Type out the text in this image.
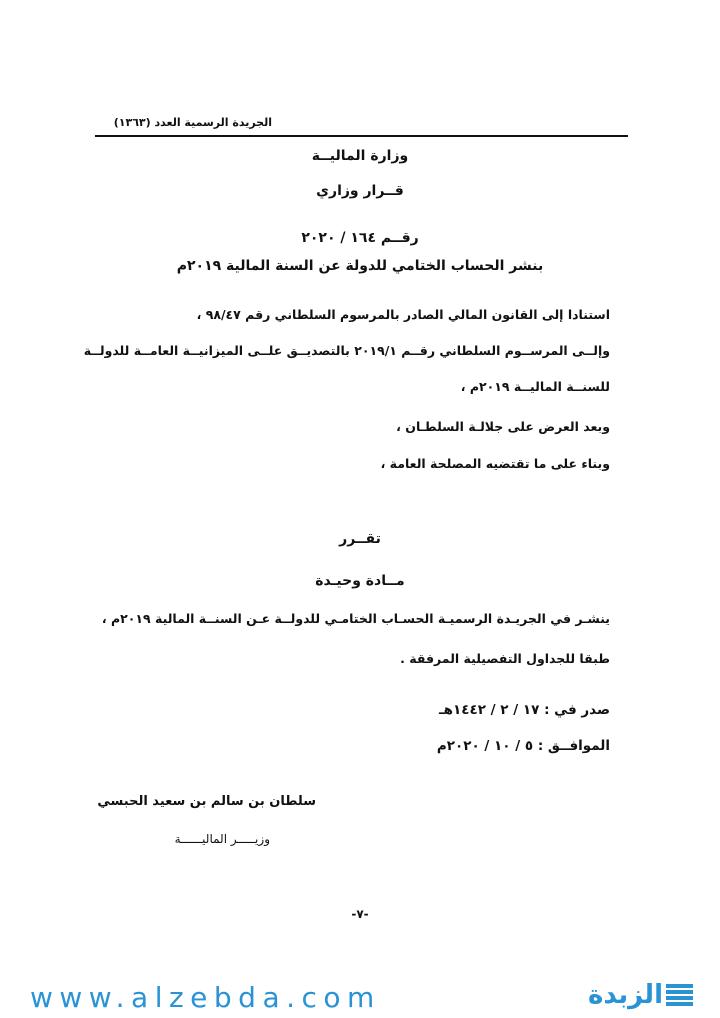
الجريدة الرسمية العدد (١٣٦٣)
وزارة الماليــة
قــرار وزاري
رقــم ١٦٤ / ٢٠٢٠
بنشر الحساب الختامي للدولة عن السنة المالية ٢٠١٩م
استنادا إلى القانون المالي الصادر بالمرسوم السلطاني رقم ٩٨/٤٧ ،
وإلــى المرســوم السلطاني رقــم ٢٠١٩/١ بالتصديــق علــى الميزانيــة العامــة للدولــة
للسنــة الماليــة ٢٠١٩م ،
وبعد العرض على جلالـة السلطـان ،
وبناء على ما تقتضيه المصلحة العامة ،
تقــرر
مــادة وحيـدة
ينشـر في الجريـدة الرسميـة الحسـاب الختامـي للدولــة عـن السنــة المالية ٢٠١٩م ،
طبقا للجداول التفصيلية المرفقة .
صدر في : ١٧ / ٢ / ١٤٤٢هـ
الموافــق : ٥ / ١٠ / ٢٠٢٠م
سلطان بن سالم بن سعيد الحبسي
وزيـــــر الماليــــــة
-٧-
www.alzebda.com	الزبدة
